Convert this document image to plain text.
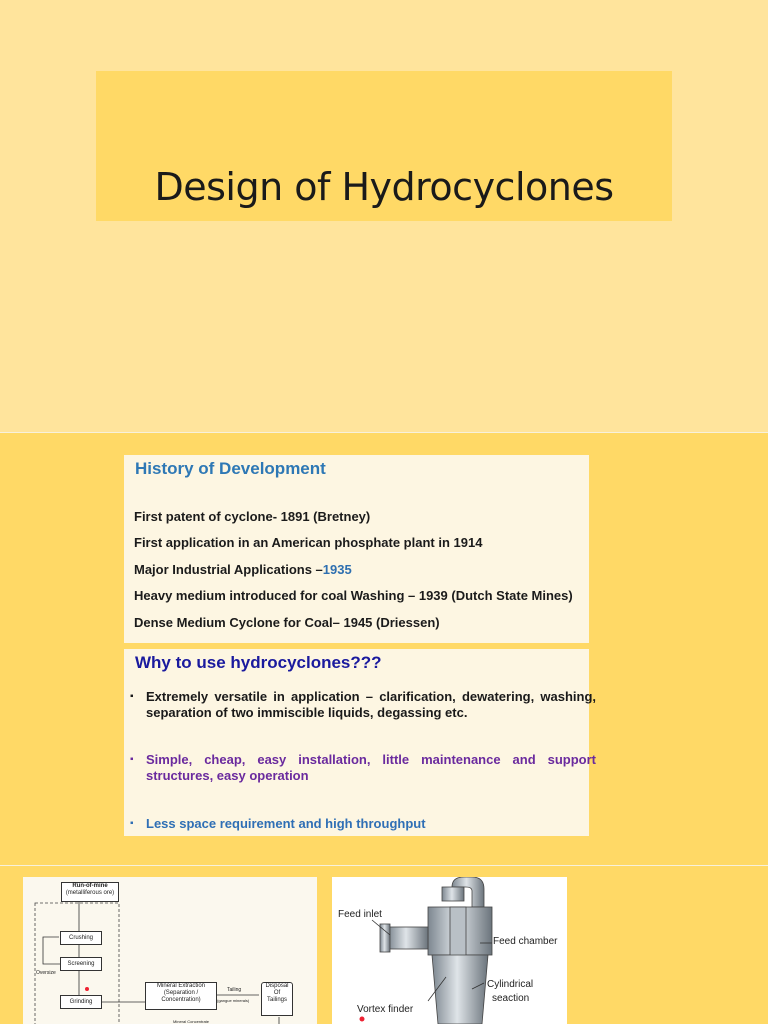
Design of Hydrocyclones
History of Development
First patent of cyclone- 1891 (Bretney)
First application in an American phosphate plant in 1914
Major Industrial Applications –1935
Heavy medium introduced for coal Washing – 1939 (Dutch State Mines)
Dense Medium Cyclone for Coal– 1945 (Driessen)
Why to use hydrocyclones???
▪ Extremely versatile in application – clarification, dewatering, washing, separation of two immiscible liquids, degassing etc.
▪ Simple, cheap, easy installation, little maintenance and support structures, easy operation
▪ Less space requirement and high throughput
Run-of-mine
(metalliferous ore)
Crushing
Screening
Oversize
Grinding
Mineral Extraction
(Separation /
Concentration)
Tailing
(gangue minerals)
Disposal
Of
Tailings
Mineral Concentrate
Feed inlet
Feed chamber
Cylindrical
seaction
Vortex finder
